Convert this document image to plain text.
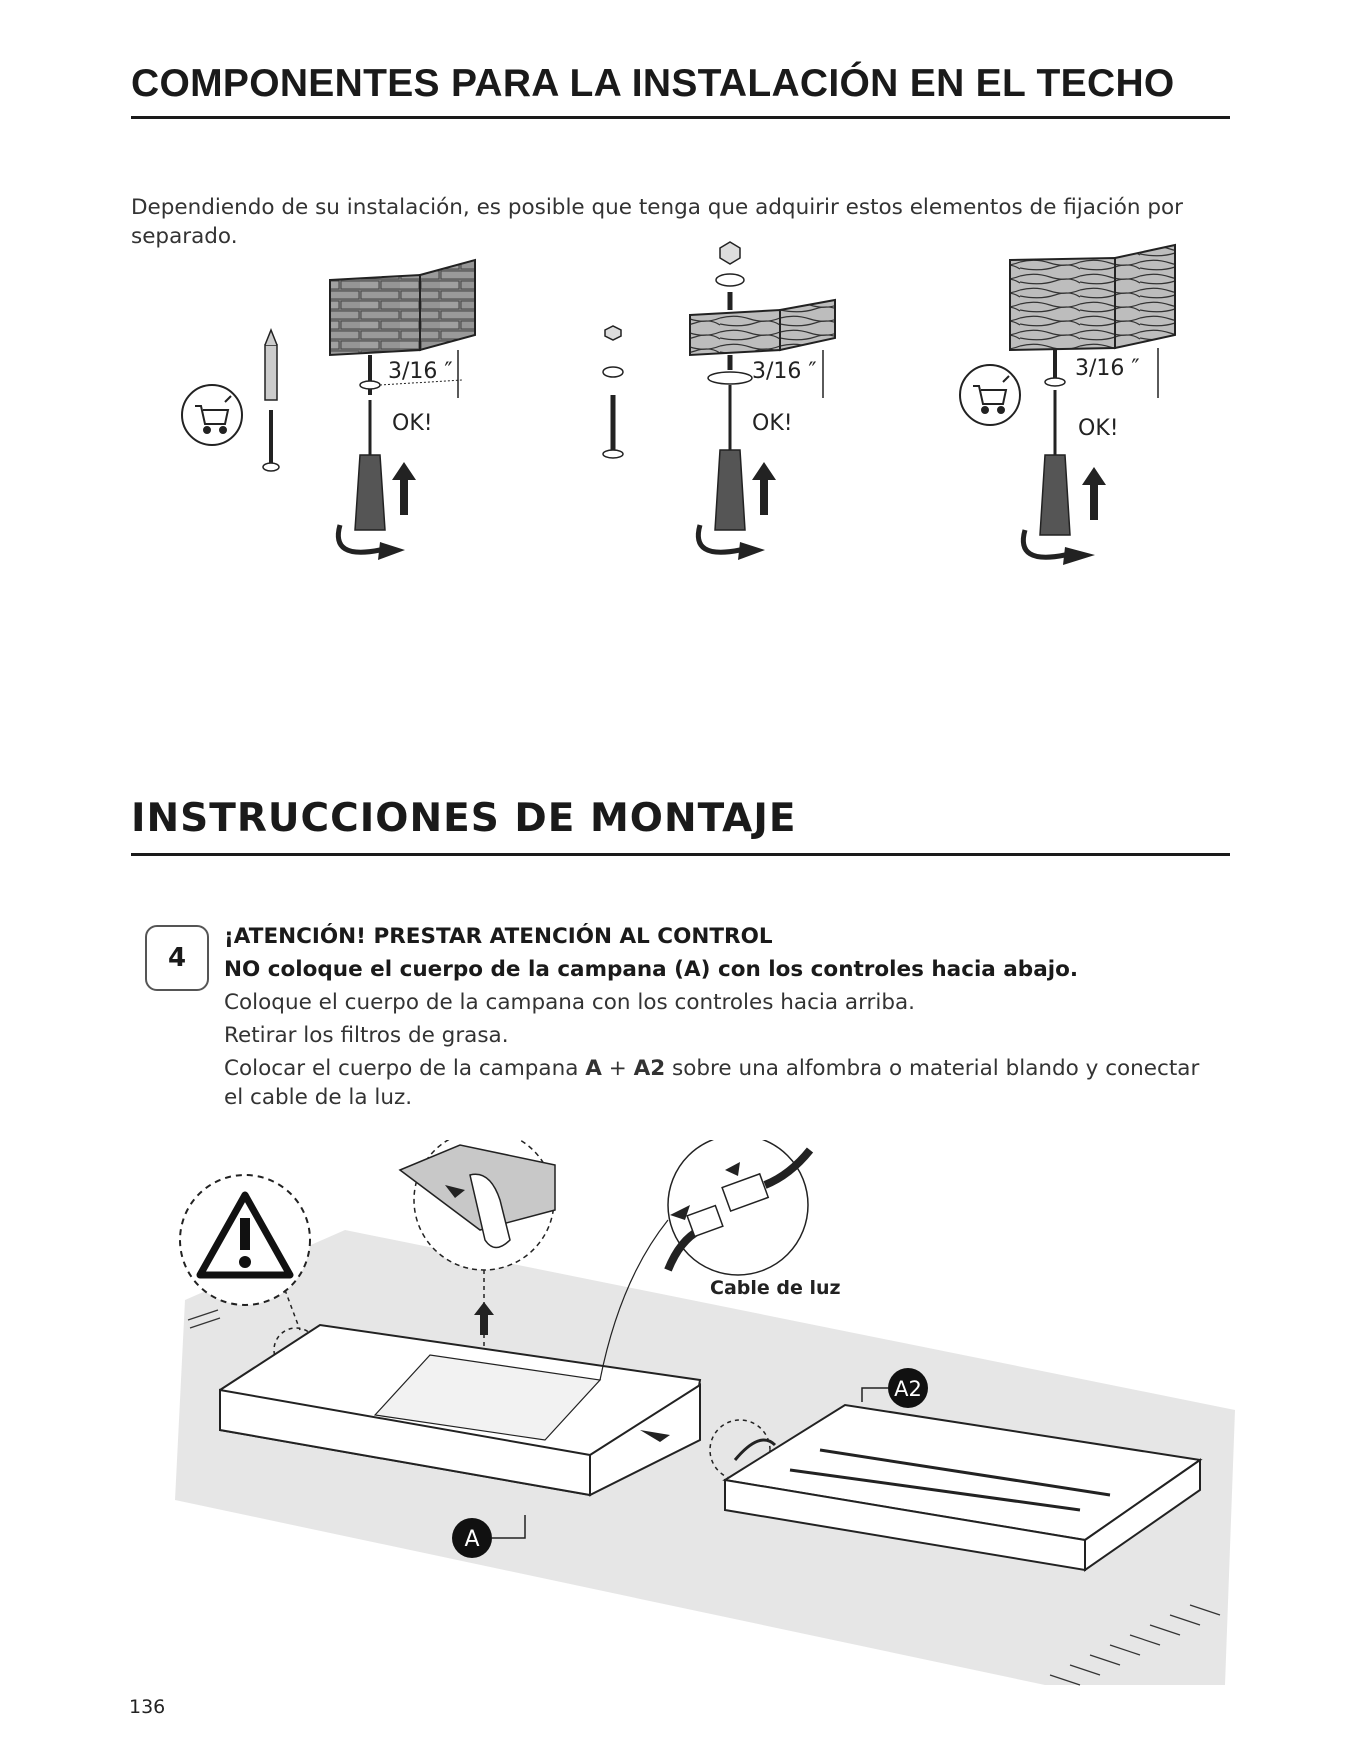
COMPONENTES PARA LA INSTALACIÓN EN EL TECHO
Dependiendo de su instalación, es posible que tenga que adquirir estos elementos de fijación por separado.
3/16 ″
OK!
3/16 ″
OK!
3/16 ″
OK!
INSTRUCCIONES DE MONTAJE
4
¡ATENCIÓN! PRESTAR ATENCIÓN AL CONTROL
NO coloque el cuerpo de la campana (A) con los controles hacia abajo.
Coloque el cuerpo de la campana con los controles hacia arriba.
Retirar los filtros de grasa.
Colocar el cuerpo de la campana A + A2 sobre una alfombra o material blando y conectar el cable de la luz.
A
Cable de luz
A2
136
